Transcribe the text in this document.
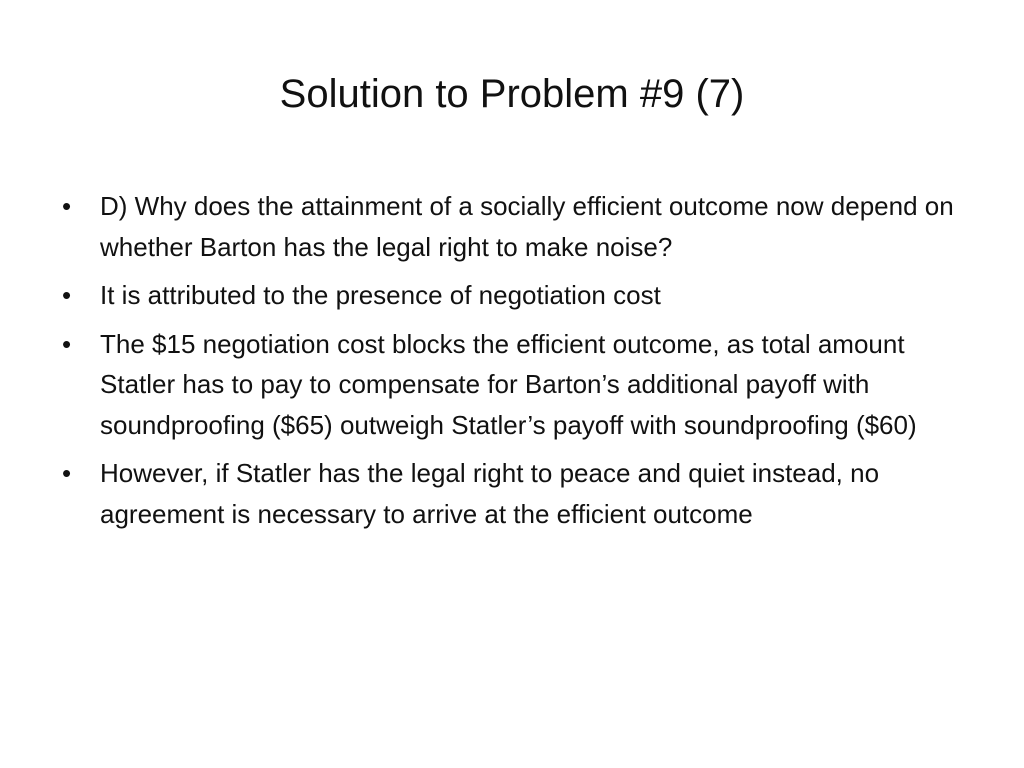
Solution to Problem #9 (7)
•	D) Why does the attainment of a socially efficient outcome now depend on whether Barton has the legal right to make noise?
•	It is attributed to the presence of negotiation cost
•	The $15 negotiation cost blocks the efficient outcome, as total amount Statler has to pay to compensate for Barton’s additional payoff with soundproofing ($65) outweigh Statler’s payoff with soundproofing ($60)
•	However, if Statler has the legal right to peace and quiet instead, no agreement is necessary to arrive at the efficient outcome
